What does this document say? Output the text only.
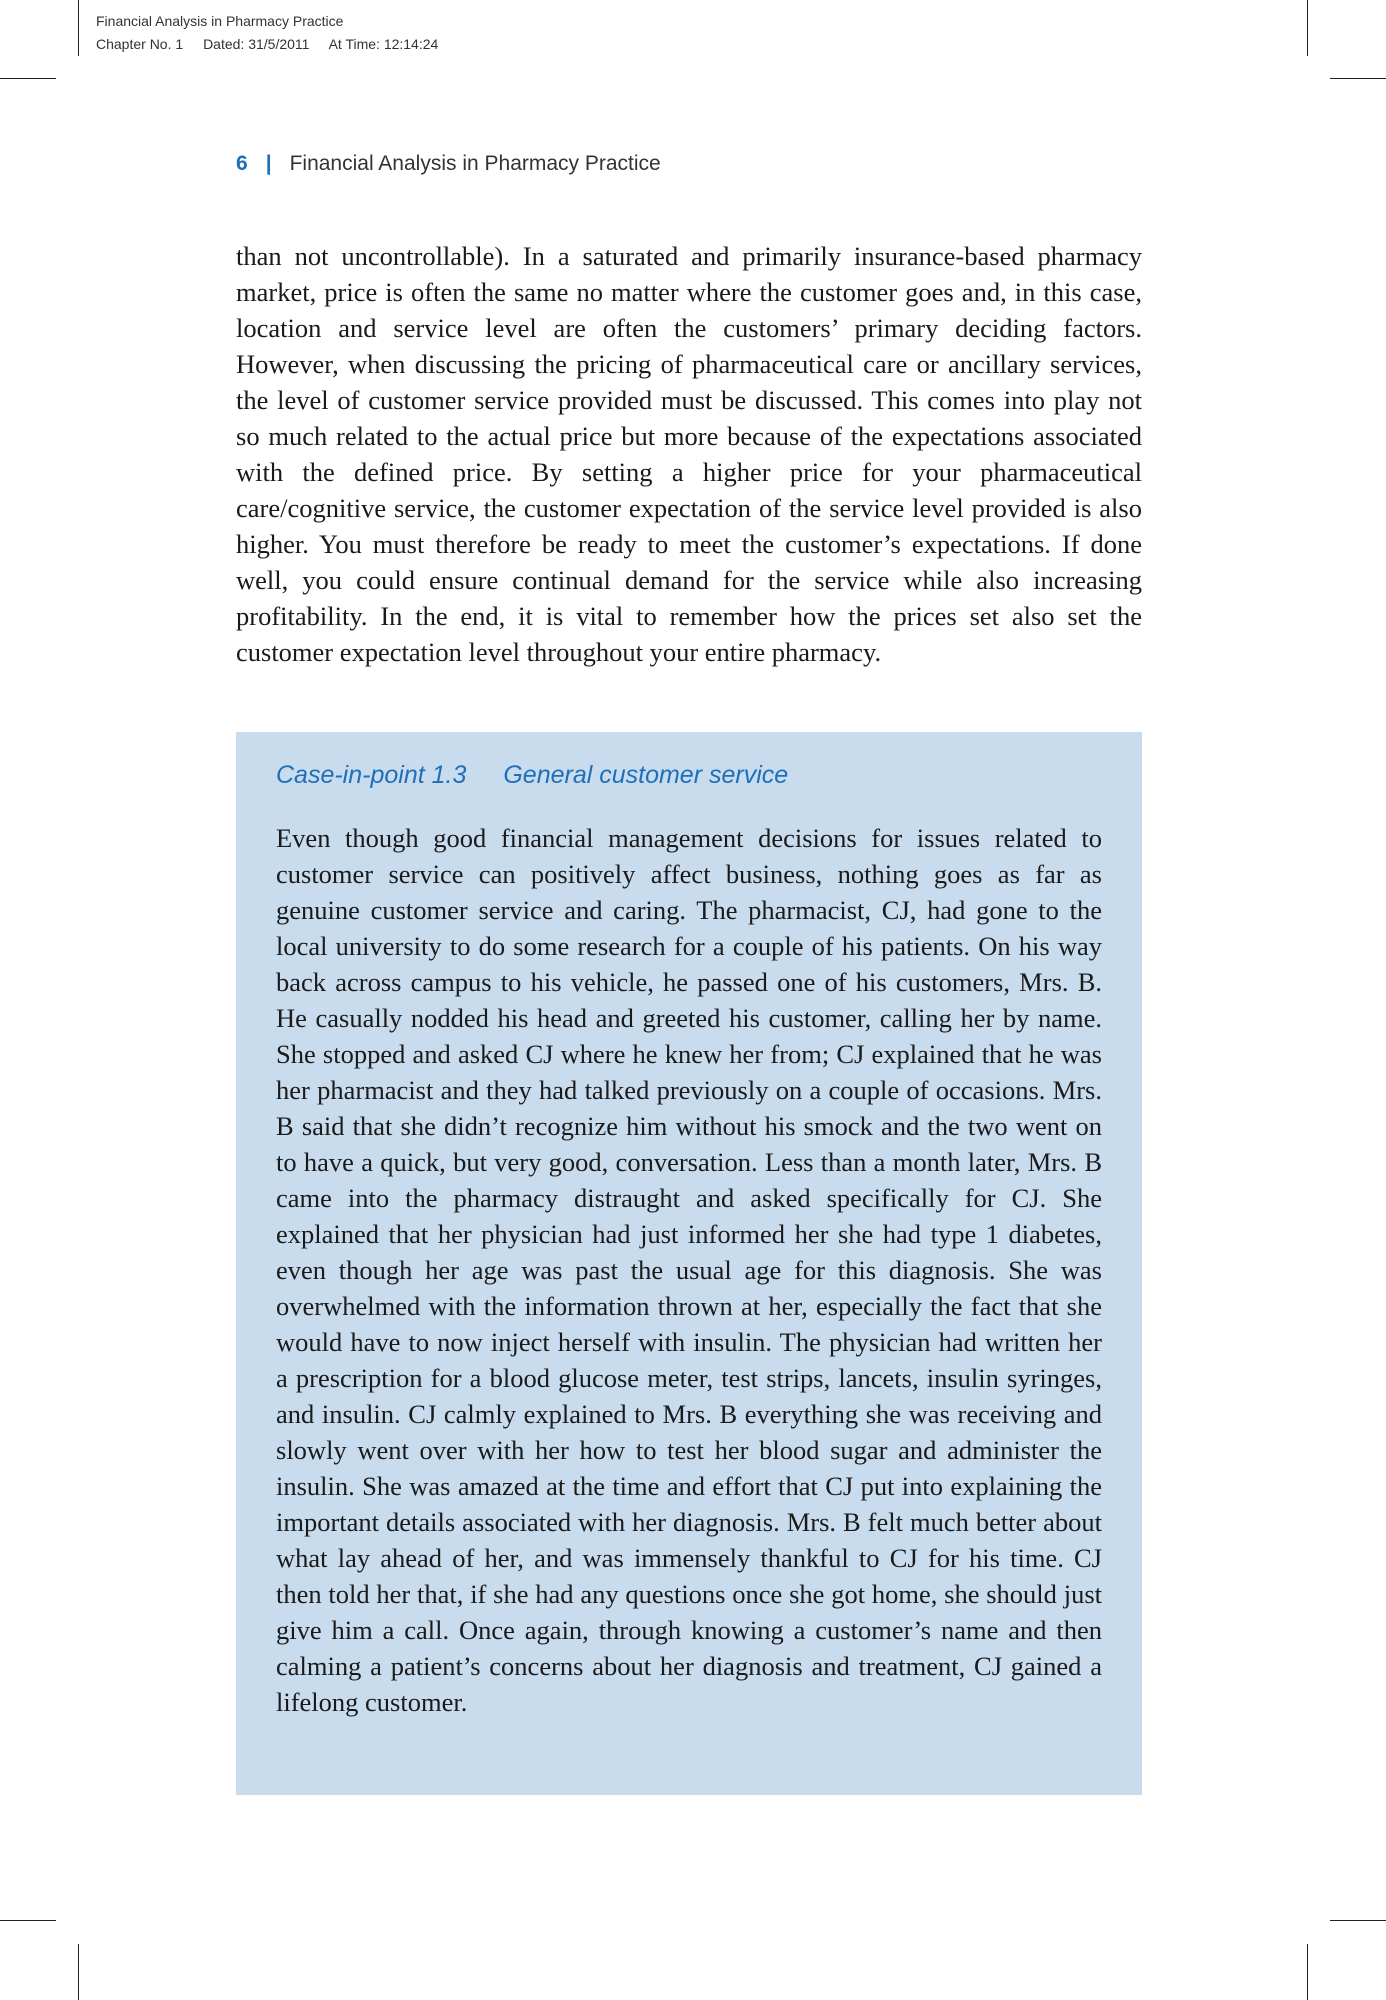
Financial Analysis in Pharmacy Practice
Chapter No. 1 Dated: 31/5/2011 At Time: 12:14:24
6 | Financial Analysis in Pharmacy Practice

than not uncontrollable). In a saturated and primarily insurance-based pharmacy market, price is often the same no matter where the customer goes and, in this case, location and service level are often the customers’ primary deciding factors. However, when discussing the pricing of pharmaceutical care or ancillary services, the level of customer service provided must be discussed. This comes into play not so much related to the actual price but more because of the expectations associated with the defined price. By setting a higher price for your pharmaceutical care/cognitive service, the customer expectation of the service level provided is also higher. You must therefore be ready to meet the customer’s expectations. If done well, you could ensure continual demand for the service while also increasing profitability. In the end, it is vital to remember how the prices set also set the customer expectation level throughout your entire pharmacy.

Case-in-point 1.3 General customer service

Even though good financial management decisions for issues related to customer service can positively affect business, nothing goes as far as genuine customer service and caring. The pharmacist, CJ, had gone to the local university to do some research for a couple of his patients. On his way back across campus to his vehicle, he passed one of his customers, Mrs. B. He casually nodded his head and greeted his customer, calling her by name. She stopped and asked CJ where he knew her from; CJ explained that he was her pharmacist and they had talked previously on a couple of occasions. Mrs. B said that she didn’t recognize him without his smock and the two went on to have a quick, but very good, conversation. Less than a month later, Mrs. B came into the pharmacy distraught and asked specifically for CJ. She explained that her physician had just informed her she had type 1 diabetes, even though her age was past the usual age for this diagnosis. She was overwhelmed with the information thrown at her, especially the fact that she would have to now inject herself with insulin. The physician had written her a prescription for a blood glucose meter, test strips, lancets, insulin syringes, and insulin. CJ calmly explained to Mrs. B everything she was receiving and slowly went over with her how to test her blood sugar and administer the insulin. She was amazed at the time and effort that CJ put into explaining the important details associated with her diagnosis. Mrs. B felt much better about what lay ahead of her, and was immensely thankful to CJ for his time. CJ then told her that, if she had any questions once she got home, she should just give him a call. Once again, through knowing a customer’s name and then calming a patient’s concerns about her diagnosis and treatment, CJ gained a lifelong customer.
